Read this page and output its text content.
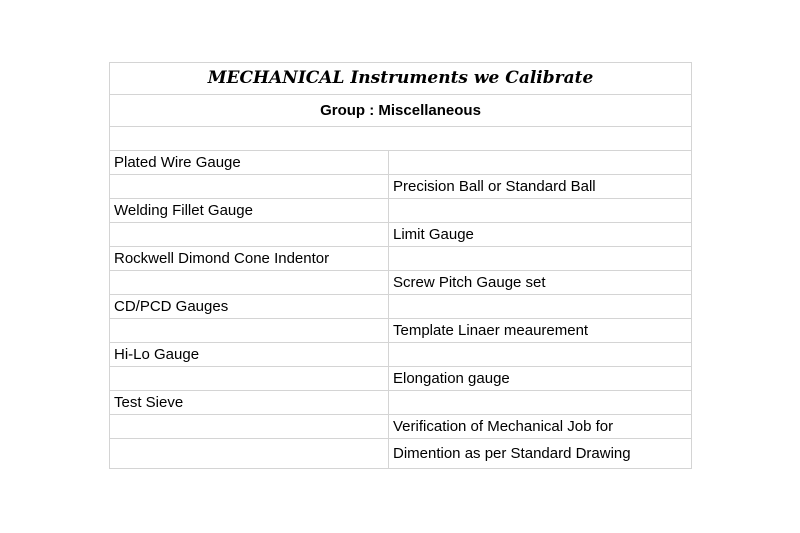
MECHANICAL Instruments we Calibrate	
Group : Miscellaneous	

Plated Wire Gauge	
	Precision Ball or Standard Ball
Welding Fillet Gauge	
	Limit Gauge
Rockwell Dimond Cone Indentor	
	Screw Pitch Gauge set
CD/PCD Gauges	
	Template Linaer meaurement
Hi-Lo Gauge	
	Elongation gauge
Test Sieve	
	Verification of Mechanical Job for
	Dimention as per Standard Drawing
